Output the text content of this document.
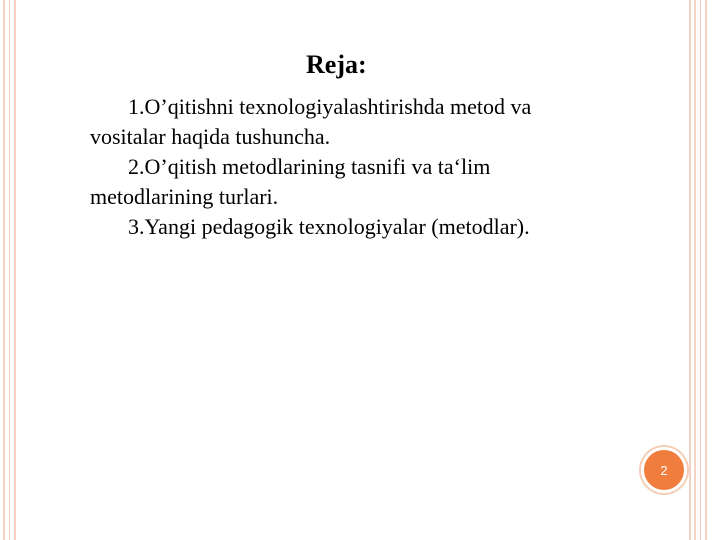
Reja:

1.O’qitishni texnologiyalashtirishda metod va vositalar haqida tushuncha.

2.O’qitish metodlarining tasnifi va ta‘lim metodlarining turlari.

3.Yangi pedagogik texnologiyalar (metodlar).

2
